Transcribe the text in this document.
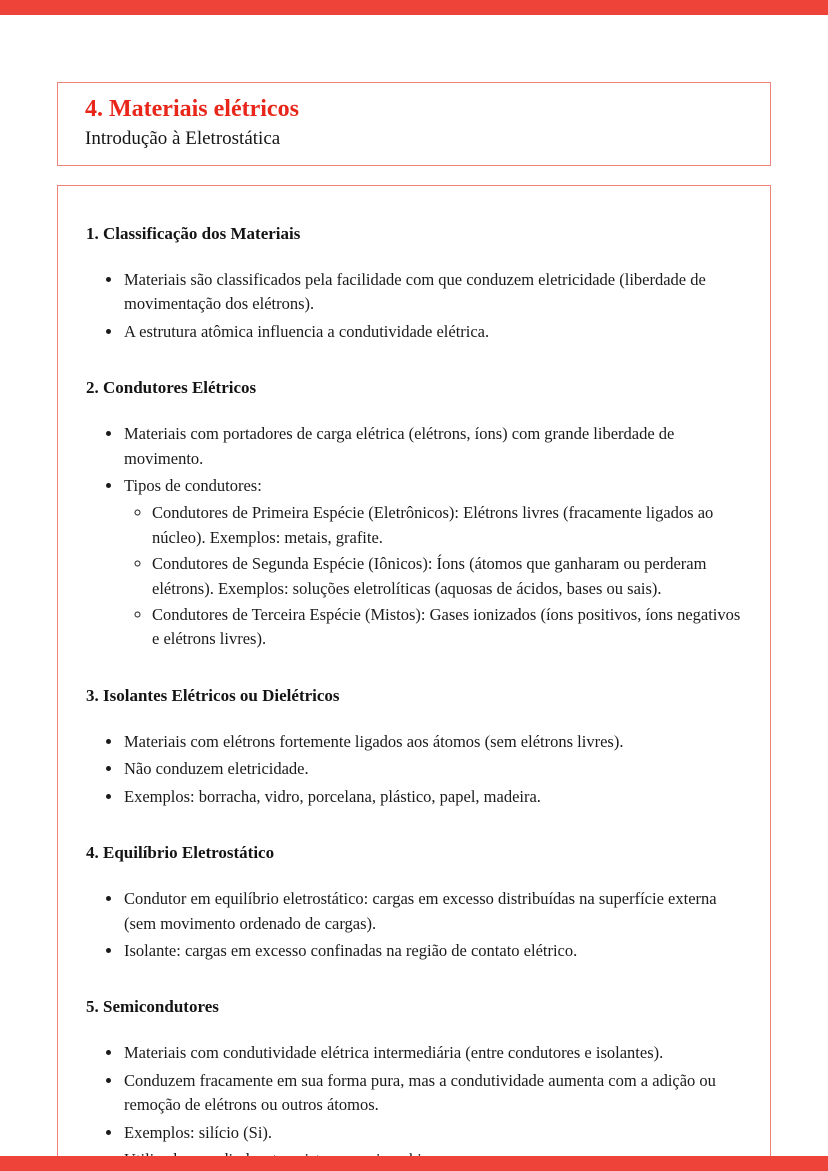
4. Materiais elétricos

Introdução à Eletrostática

1. Classificação dos Materiais
• Materiais são classificados pela facilidade com que conduzem eletricidade (liberdade de movimentação dos elétrons).
• A estrutura atômica influencia a condutividade elétrica.
2. Condutores Elétricos
• Materiais com portadores de carga elétrica (elétrons, íons) com grande liberdade de movimento.
• Tipos de condutores:
◦ Condutores de Primeira Espécie (Eletrônicos): Elétrons livres (fracamente ligados ao núcleo). Exemplos: metais, grafite.
◦ Condutores de Segunda Espécie (Iônicos): Íons (átomos que ganharam ou perderam elétrons). Exemplos: soluções eletrolíticas (aquosas de ácidos, bases ou sais).
◦ Condutores de Terceira Espécie (Mistos): Gases ionizados (íons positivos, íons negativos e elétrons livres).
3. Isolantes Elétricos ou Dielétricos
• Materiais com elétrons fortemente ligados aos átomos (sem elétrons livres).
• Não conduzem eletricidade.
• Exemplos: borracha, vidro, porcelana, plástico, papel, madeira.
4. Equilíbrio Eletrostático
• Condutor em equilíbrio eletrostático: cargas em excesso distribuídas na superfície externa (sem movimento ordenado de cargas).
• Isolante: cargas em excesso confinadas na região de contato elétrico.
5. Semicondutores
• Materiais com condutividade elétrica intermediária (entre condutores e isolantes).
• Conduzem fracamente em sua forma pura, mas a condutividade aumenta com a adição ou remoção de elétrons ou outros átomos.
• Exemplos: silício (Si).
•
